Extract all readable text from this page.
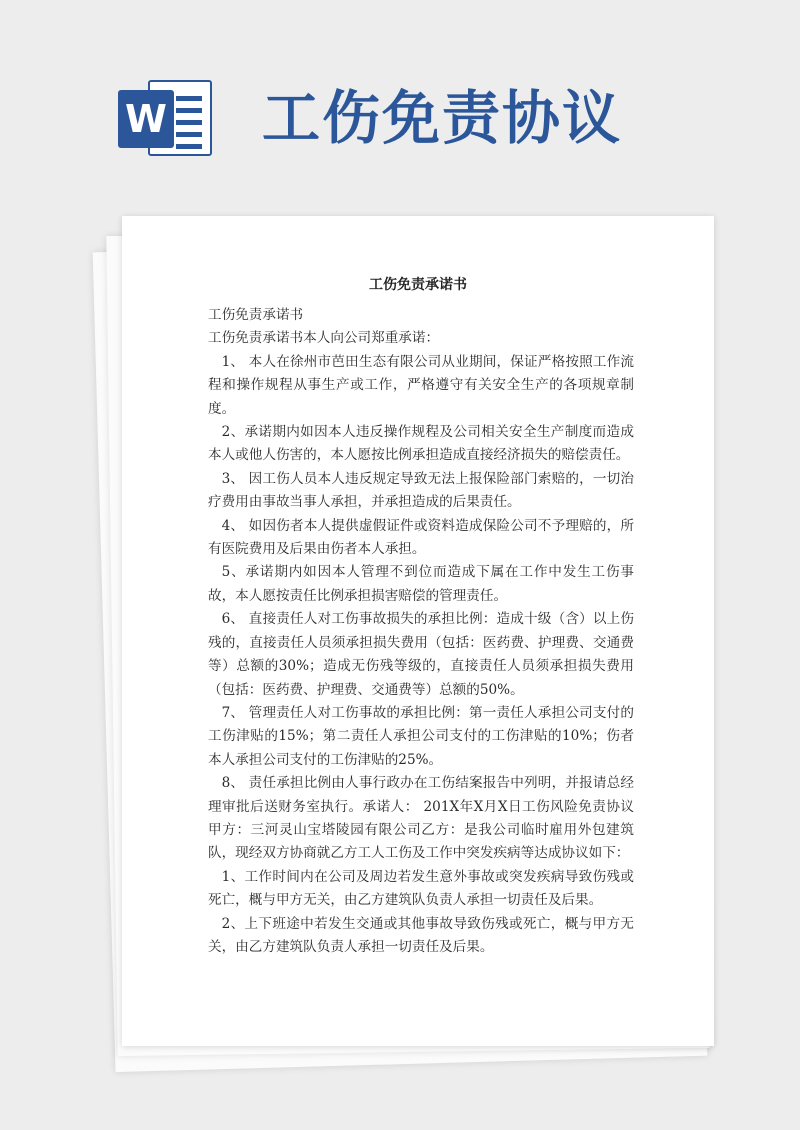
W 工伤免责协议
工伤免责承诺书

工伤免责承诺书

工伤免责承诺书本人向公司郑重承诺：

1、 本人在徐州市芭田生态有限公司从业期间，保证严格按照工作流程和操作规程从事生产或工作，严格遵守有关安全生产的各项规章制度。

2、承诺期内如因本人违反操作规程及公司相关安全生产制度而造成本人或他人伤害的，本人愿按比例承担造成直接经济损失的赔偿责任。

3、 因工伤人员本人违反规定导致无法上报保险部门索赔的，一切治疗费用由事故当事人承担，并承担造成的后果责任。

4、 如因伤者本人提供虚假证件或资料造成保险公司不予理赔的，所有医院费用及后果由伤者本人承担。

5、承诺期内如因本人管理不到位而造成下属在工作中发生工伤事故，本人愿按责任比例承担损害赔偿的管理责任。

6、 直接责任人对工伤事故损失的承担比例：造成十级（含）以上伤残的，直接责任人员须承担损失费用（包括：医药费、护理费、交通费等）总额的30%；造成无伤残等级的，直接责任人员须承担损失费用（包括：医药费、护理费、交通费等）总额的50%。

7、 管理责任人对工伤事故的承担比例：第一责任人承担公司支付的工伤津贴的15%；第二责任人承担公司支付的工伤津贴的10%；伤者本人承担公司支付的工伤津贴的25%。

8、 责任承担比例由人事行政办在工伤结案报告中列明，并报请总经理审批后送财务室执行。承诺人： 201X年X月X日工伤风险免责协议甲方：三河灵山宝塔陵园有限公司乙方：是我公司临时雇用外包建筑队，现经双方协商就乙方工人工伤及工作中突发疾病等达成协议如下：

1、工作时间内在公司及周边若发生意外事故或突发疾病导致伤残或死亡，概与甲方无关，由乙方建筑队负责人承担一切责任及后果。

2、上下班途中若发生交通或其他事故导致伤残或死亡，概与甲方无关，由乙方建筑队负责人承担一切责任及后果。
